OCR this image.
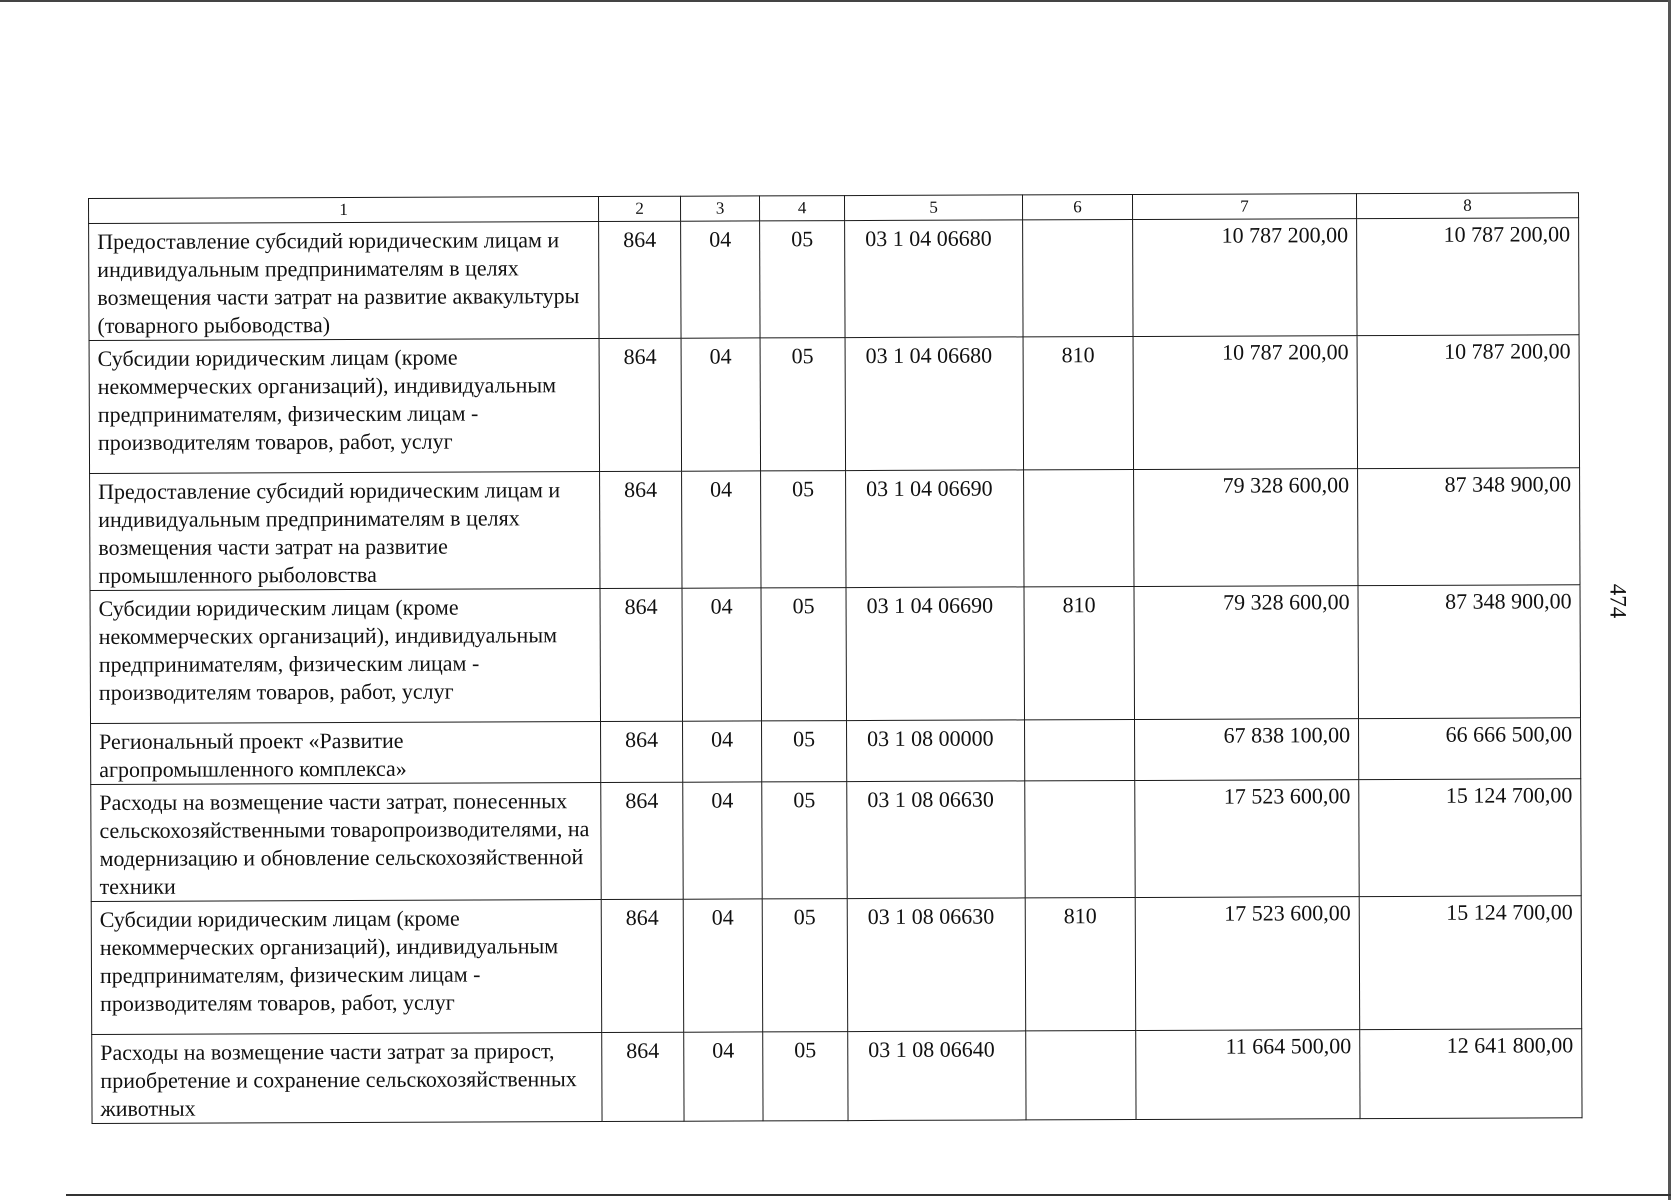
1	2	3	4	5	6	7	8
Предоставление субсидий юридическим лицам и индивидуальным предпринимателям в целях возмещения части затрат на развитие аквакультуры (товарного рыбоводства)	864	04	05	03 1 04 06680		10 787 200,00	10 787 200,00
Субсидии юридическим лицам (кроме некоммерческих организаций), индивидуальным предпринимателям, физическим лицам - производителям товаров, работ, услуг	864	04	05	03 1 04 06680	810	10 787 200,00	10 787 200,00
Предоставление субсидий юридическим лицам и индивидуальным предпринимателям в целях возмещения части затрат на развитие промышленного рыболовства	864	04	05	03 1 04 06690		79 328 600,00	87 348 900,00
Субсидии юридическим лицам (кроме некоммерческих организаций), индивидуальным предпринимателям, физическим лицам - производителям товаров, работ, услуг	864	04	05	03 1 04 06690	810	79 328 600,00	87 348 900,00
Региональный проект «Развитие агропромышленного комплекса»	864	04	05	03 1 08 00000		67 838 100,00	66 666 500,00
Расходы на возмещение части затрат, понесенных сельскохозяйственными товаропроизводителями, на модернизацию и обновление сельскохозяйственной техники	864	04	05	03 1 08 06630		17 523 600,00	15 124 700,00
Субсидии юридическим лицам (кроме некоммерческих организаций), индивидуальным предпринимателям, физическим лицам - производителям товаров, работ, услуг	864	04	05	03 1 08 06630	810	17 523 600,00	15 124 700,00
Расходы на возмещение части затрат за прирост, приобретение и сохранение сельскохозяйственных животных	864	04	05	03 1 08 06640		11 664 500,00	12 641 800,00
474
